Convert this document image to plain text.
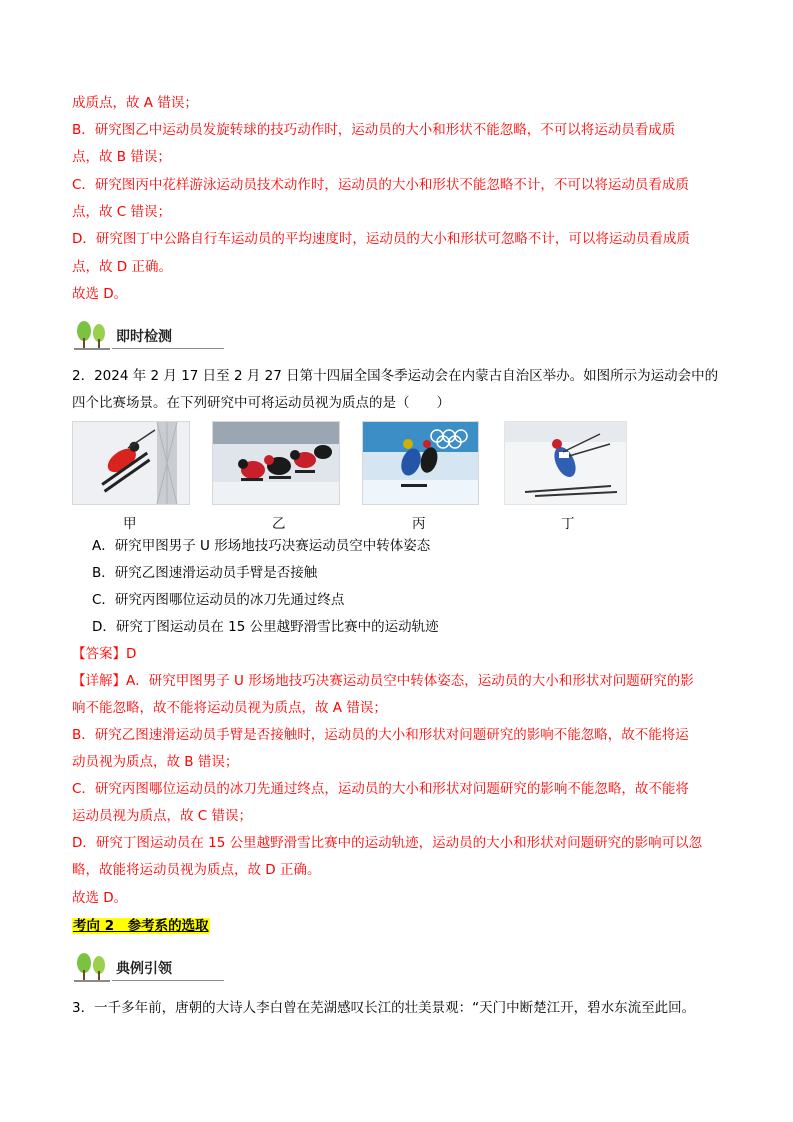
成质点，故 A 错误；
B．研究图乙中运动员发旋转球的技巧动作时，运动员的大小和形状不能忽略，不可以将运动员看成质
点，故 B 错误；
C．研究图丙中花样游泳运动员技术动作时，运动员的大小和形状不能忽略不计，不可以将运动员看成质
点，故 C 错误；
D．研究图丁中公路自行车运动员的平均速度时，运动员的大小和形状可忽略不计，可以将运动员看成质
点，故 D 正确。
故选 D。
即时检测
2．2024 年 2 月 17 日至 2 月 27 日第十四届全国冬季运动会在内蒙古自治区举办。如图所示为运动会中的
四个比赛场景。在下列研究中可将运动员视为质点的是（　　）
甲	乙	丙	丁
A．研究甲图男子 U 形场地技巧决赛运动员空中转体姿态
B．研究乙图速滑运动员手臂是否接触
C．研究丙图哪位运动员的冰刀先通过终点
D．研究丁图运动员在 15 公里越野滑雪比赛中的运动轨迹
【答案】D
【详解】A．研究甲图男子 U 形场地技巧决赛运动员空中转体姿态，运动员的大小和形状对问题研究的影
响不能忽略，故不能将运动员视为质点，故 A 错误；
B．研究乙图速滑运动员手臂是否接触时，运动员的大小和形状对问题研究的影响不能忽略，故不能将运
动员视为质点，故 B 错误；
C．研究丙图哪位运动员的冰刀先通过终点，运动员的大小和形状对问题研究的影响不能忽略，故不能将
运动员视为质点，故 C 错误；
D．研究丁图运动员在 15 公里越野滑雪比赛中的运动轨迹，运动员的大小和形状对问题研究的影响可以忽
略，故能将运动员视为质点，故 D 正确。
故选 D。
考向 2　参考系的选取
典例引领
3．一千多年前，唐朝的大诗人李白曾在芜湖感叹长江的壮美景观：“天门中断楚江开，碧水东流至此回。
